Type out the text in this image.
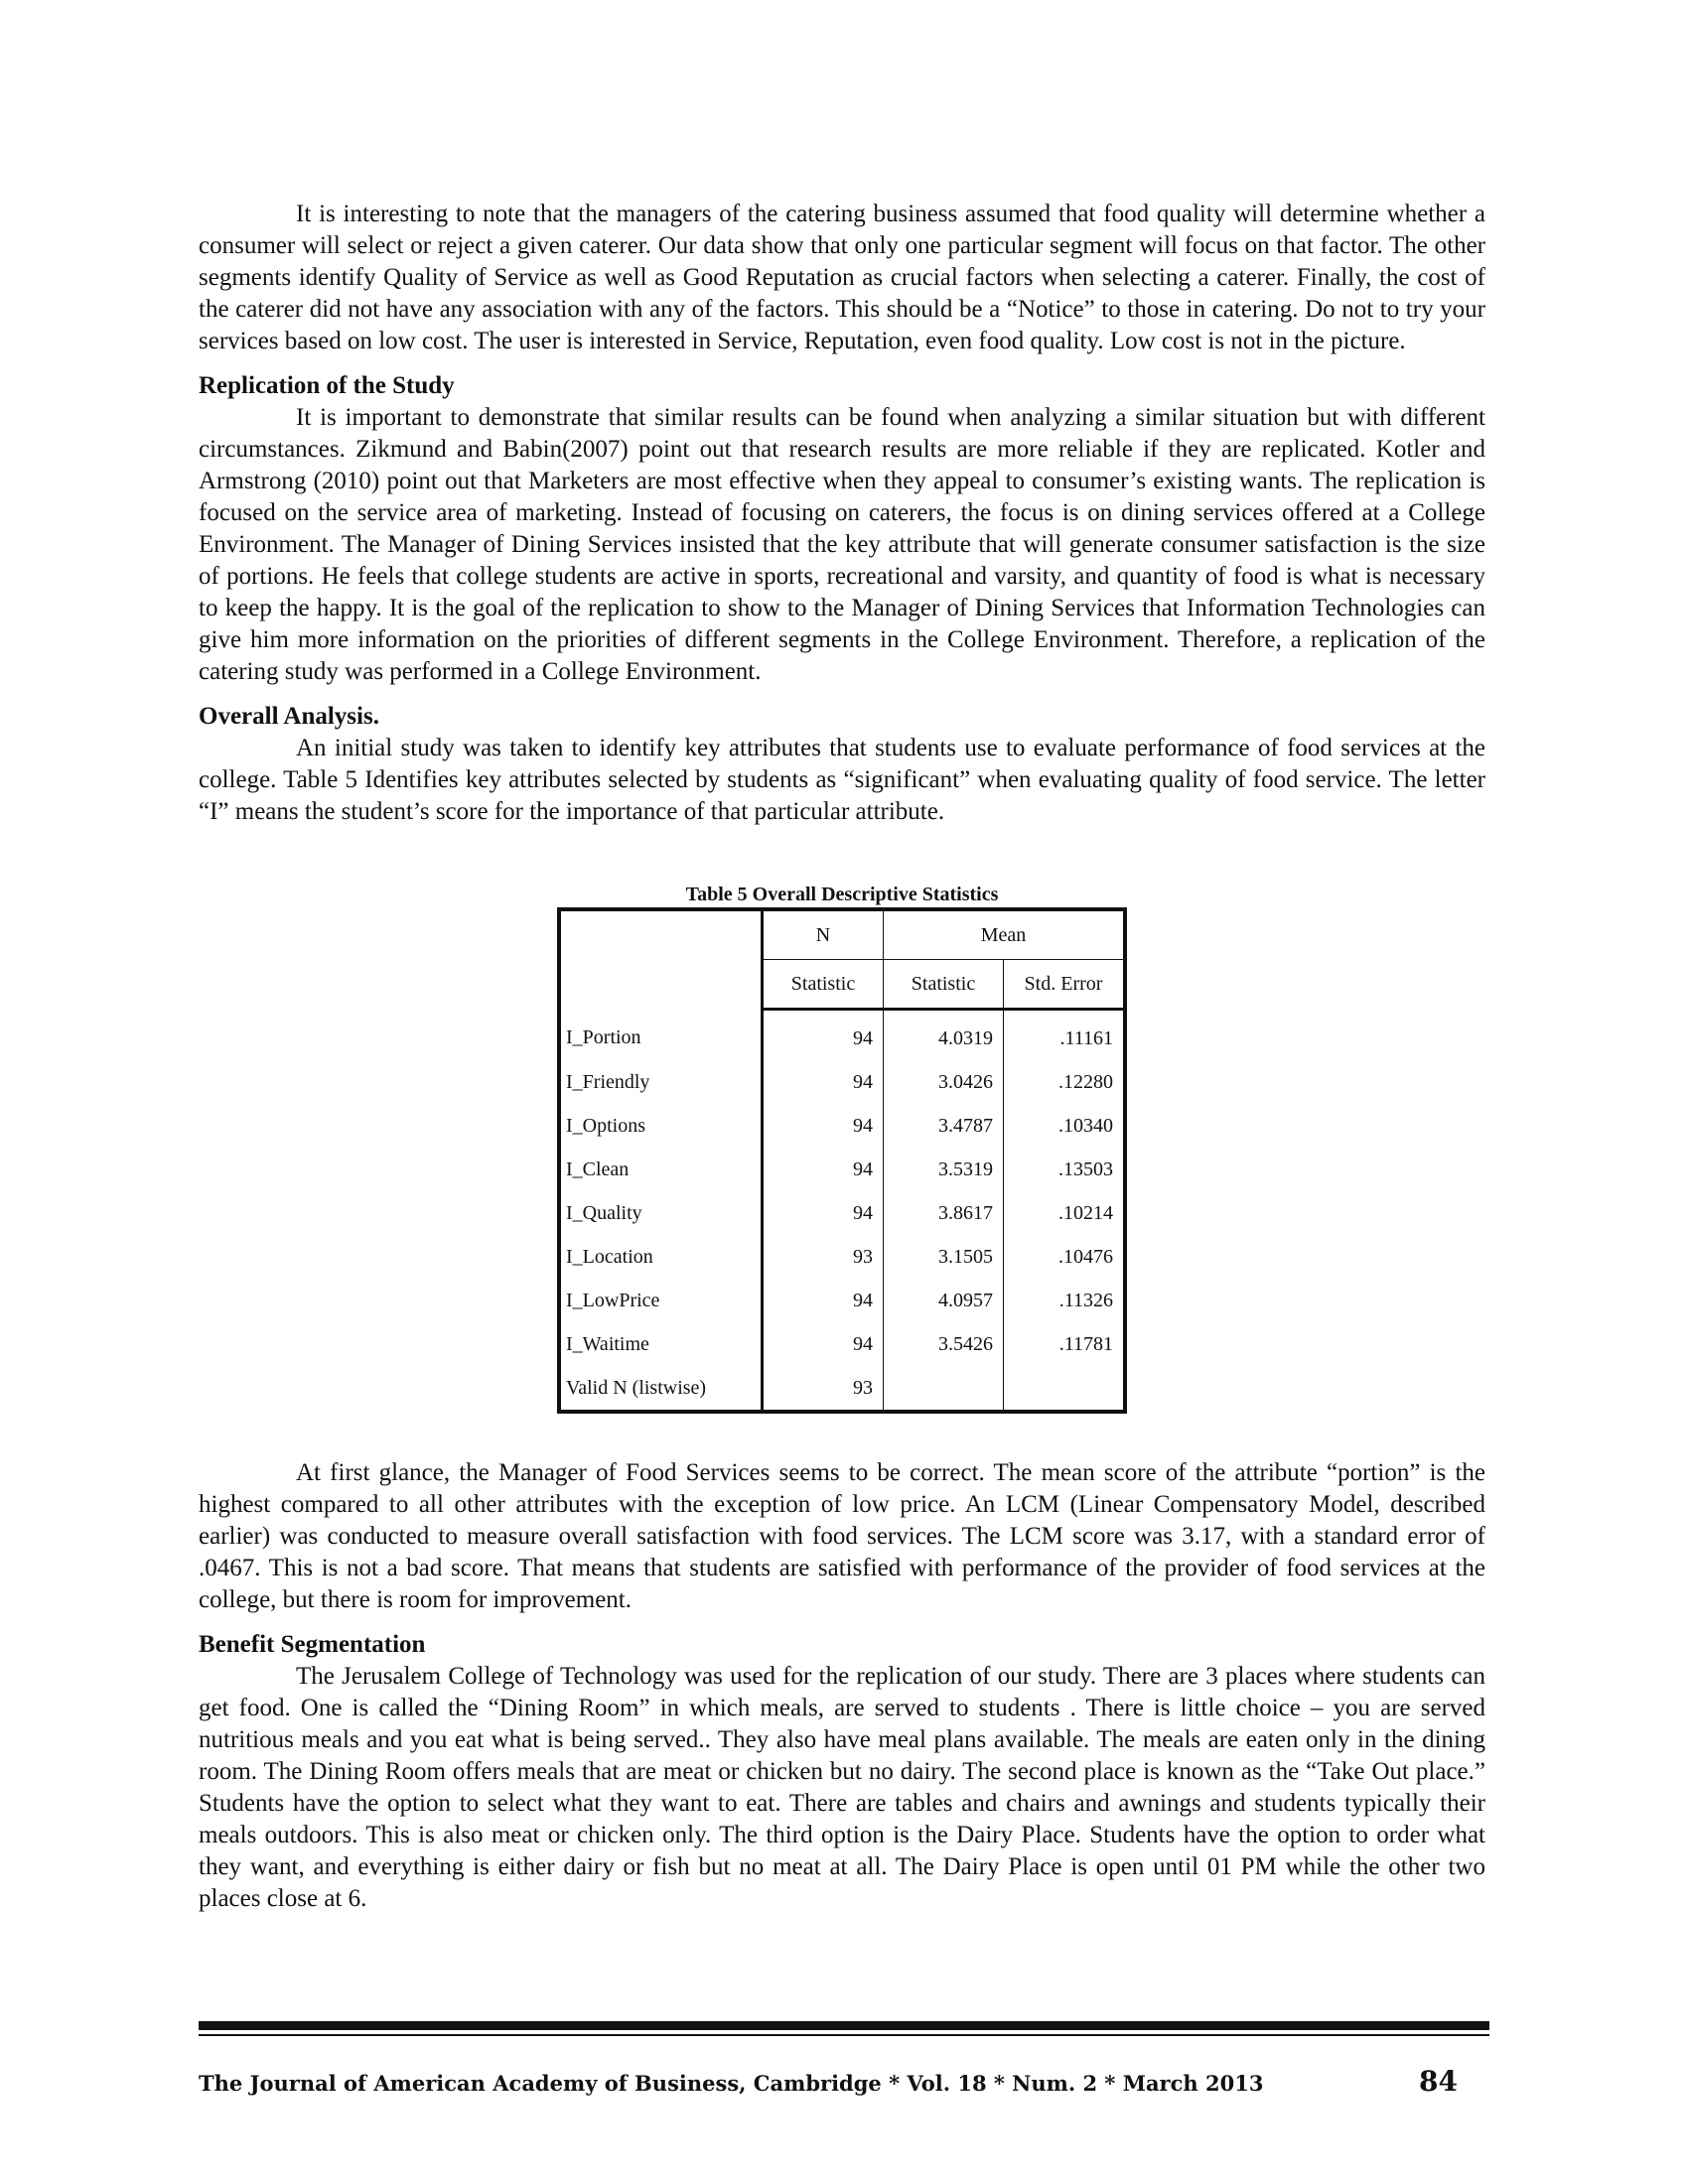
It is interesting to note that the managers of the catering business assumed that food quality will determine whether a consumer will select or reject a given caterer. Our data show that only one particular segment will focus on that factor. The other segments identify Quality of Service as well as Good Reputation as crucial factors when selecting a caterer. Finally, the cost of the caterer did not have any association with any of the factors. This should be a “Notice” to those in catering. Do not to try your services based on low cost. The user is interested in Service, Reputation, even food quality. Low cost is not in the picture.

Replication of the Study

It is important to demonstrate that similar results can be found when analyzing a similar situation but with different circumstances. Zikmund and Babin(2007) point out that research results are more reliable if they are replicated. Kotler and Armstrong (2010) point out that Marketers are most effective when they appeal to consumer’s existing wants. The replication is focused on the service area of marketing. Instead of focusing on caterers, the focus is on dining services offered at a College Environment. The Manager of Dining Services insisted that the key attribute that will generate consumer satisfaction is the size of portions. He feels that college students are active in sports, recreational and varsity, and quantity of food is what is necessary to keep the happy. It is the goal of the replication to show to the Manager of Dining Services that Information Technologies can give him more information on the priorities of different segments in the College Environment. Therefore, a replication of the catering study was performed in a College Environment.

Overall Analysis.

An initial study was taken to identify key attributes that students use to evaluate performance of food services at the college. Table 5 Identifies key attributes selected by students as “significant” when evaluating quality of food service. The letter “I” means the student’s score for the importance of that particular attribute.

Table 5 Overall Descriptive Statistics
	N	Mean	
	Statistic	Statistic	Std. Error
I_Portion	94	4.0319	.11161
I_Friendly	94	3.0426	.12280
I_Options	94	3.4787	.10340
I_Clean	94	3.5319	.13503
I_Quality	94	3.8617	.10214
I_Location	93	3.1505	.10476
I_LowPrice	94	4.0957	.11326
I_Waitime	94	3.5426	.11781
Valid N (listwise)	93		

At first glance, the Manager of Food Services seems to be correct. The mean score of the attribute “portion” is the highest compared to all other attributes with the exception of low price. An LCM (Linear Compensatory Model, described earlier) was conducted to measure overall satisfaction with food services. The LCM score was 3.17, with a standard error of .0467. This is not a bad score. That means that students are satisfied with performance of the provider of food services at the college, but there is room for improvement.

Benefit Segmentation

The Jerusalem College of Technology was used for the replication of our study. There are 3 places where students can get food. One is called the “Dining Room” in which meals, are served to students . There is little choice – you are served nutritious meals and you eat what is being served.. They also have meal plans available. The meals are eaten only in the dining room. The Dining Room offers meals that are meat or chicken but no dairy. The second place is known as the “Take Out place.” Students have the option to select what they want to eat. There are tables and chairs and awnings and students typically their meals outdoors. This is also meat or chicken only. The third option is the Dairy Place. Students have the option to order what they want, and everything is either dairy or fish but no meat at all. The Dairy Place is open until 01 PM while the other two places close at 6.

The Journal of American Academy of Business, Cambridge * Vol. 18 * Num. 2 * March 2013	84
